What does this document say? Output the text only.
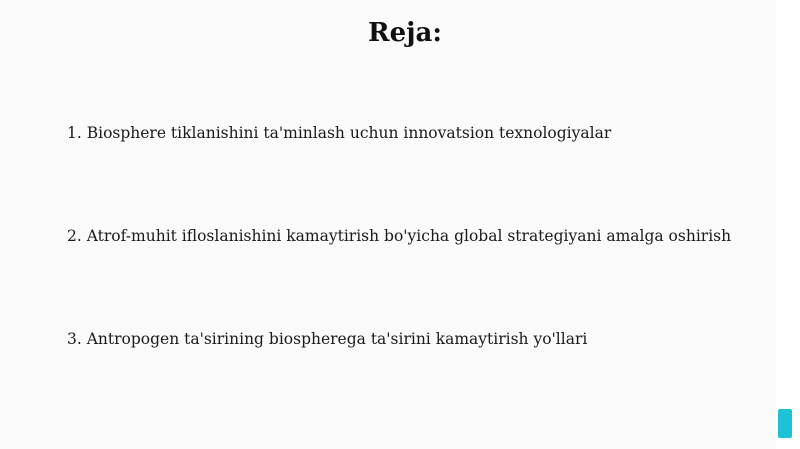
Reja:

1. Biosphere tiklanishini ta'minlash uchun innovatsion texnologiyalar

2. Atrof-muhit ifloslanishini kamaytirish bo'yicha global strategiyani amalga oshirish

3. Antropogen ta'sirining biospherega ta'sirini kamaytirish yo'llari
